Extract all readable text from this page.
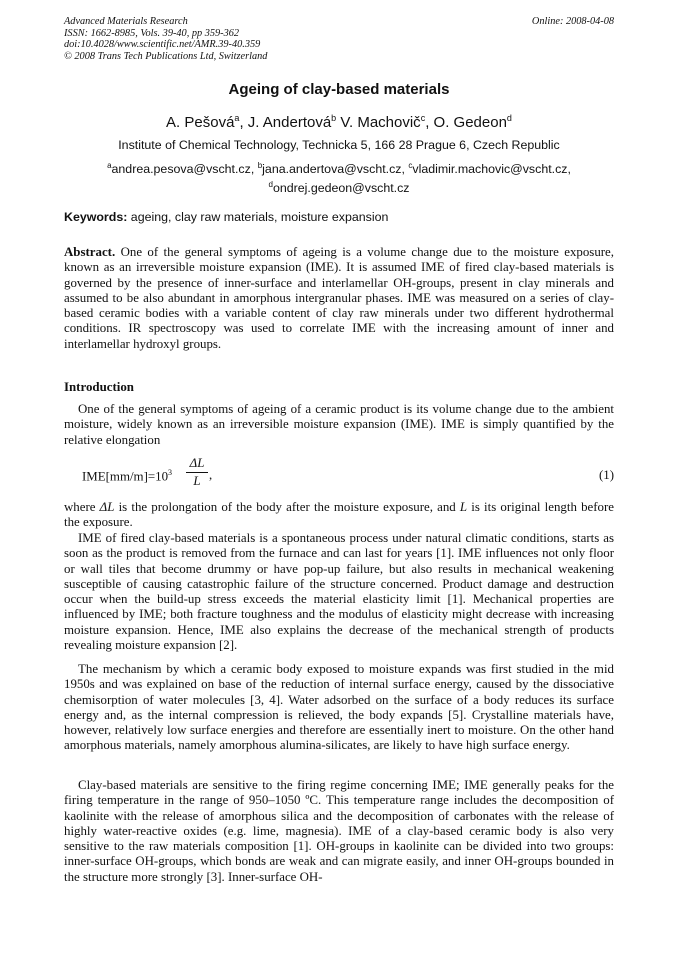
Advanced Materials Research
ISSN: 1662-8985, Vols. 39-40, pp 359-362
doi:10.4028/www.scientific.net/AMR.39-40.359
© 2008 Trans Tech Publications Ltd, Switzerland
Online: 2008-04-08
Ageing of clay-based materials
A. Pešová$^a$, J. Andertová$^b$ V. Machovič$^c$, O. Gedeon$^d$
Institute of Chemical Technology, Technicka 5, 166 28 Prague 6, Czech Republic
$^a$andrea.pesova@vscht.cz, $^b$jana.andertova@vscht.cz, $^c$vladimir.machovic@vscht.cz,
$^d$ondrej.gedeon@vscht.cz
Keywords: ageing, clay raw materials, moisture expansion
Abstract. One of the general symptoms of ageing is a volume change due to the moisture exposure, known as an irreversible moisture expansion (IME). It is assumed IME of fired clay-based materials is governed by the presence of inner-surface and interlamellar OH-groups, present in clay minerals and assumed to be also abundant in amorphous intergranular phases. IME was measured on a series of clay-based ceramic bodies with a variable content of clay raw minerals under two different hydrothermal conditions. IR spectroscopy was used to correlate IME with the increasing amount of inner and interlamellar hydroxyl groups.
Introduction
One of the general symptoms of ageing of a ceramic product is its volume change due to the ambient moisture, widely known as an irreversible moisture expansion (IME). IME is simply quantified by the relative elongation
$IME[mm/m]=10^3 \frac{\Delta L}{L}$ ,	(1)
where ΔL is the prolongation of the body after the moisture exposure, and L is its original length before the exposure.
IME of fired clay-based materials is a spontaneous process under natural climatic conditions, starts as soon as the product is removed from the furnace and can last for years [1]. IME influences not only floor or wall tiles that become drummy or have pop-up failure, but also results in mechanical weakening susceptible of causing catastrophic failure of the structure concerned. Product damage and destruction occur when the build-up stress exceeds the material elasticity limit [1]. Mechanical properties are influenced by IME; both fracture toughness and the modulus of elasticity might decrease with increasing moisture expansion. Hence, IME also explains the decrease of the mechanical strength of products revealing moisture expansion [2].
The mechanism by which a ceramic body exposed to moisture expands was first studied in the mid 1950s and was explained on base of the reduction of internal surface energy, caused by the dissociative chemisorption of water molecules [3, 4]. Water adsorbed on the surface of a body reduces its surface energy and, as the internal compression is relieved, the body expands [5]. Crystalline materials have, however, relatively low surface energies and therefore are essentially inert to moisture. On the other hand amorphous materials, namely amorphous alumina-silicates, are likely to have high surface energy.
Clay-based materials are sensitive to the firing regime concerning IME; IME generally peaks for the firing temperature in the range of 950–1050 ºC. This temperature range includes the decomposition of kaolinite with the release of amorphous silica and the decomposition of carbonates with the release of highly water-reactive oxides (e.g. lime, magnesia). IME of a clay-based ceramic body is also very sensitive to the raw materials composition [1]. OH-groups in kaolinite can be divided into two groups: inner-surface OH-groups, which bonds are weak and can migrate easily, and inner OH-groups bounded in the structure more strongly [3]. Inner-surface OH-
